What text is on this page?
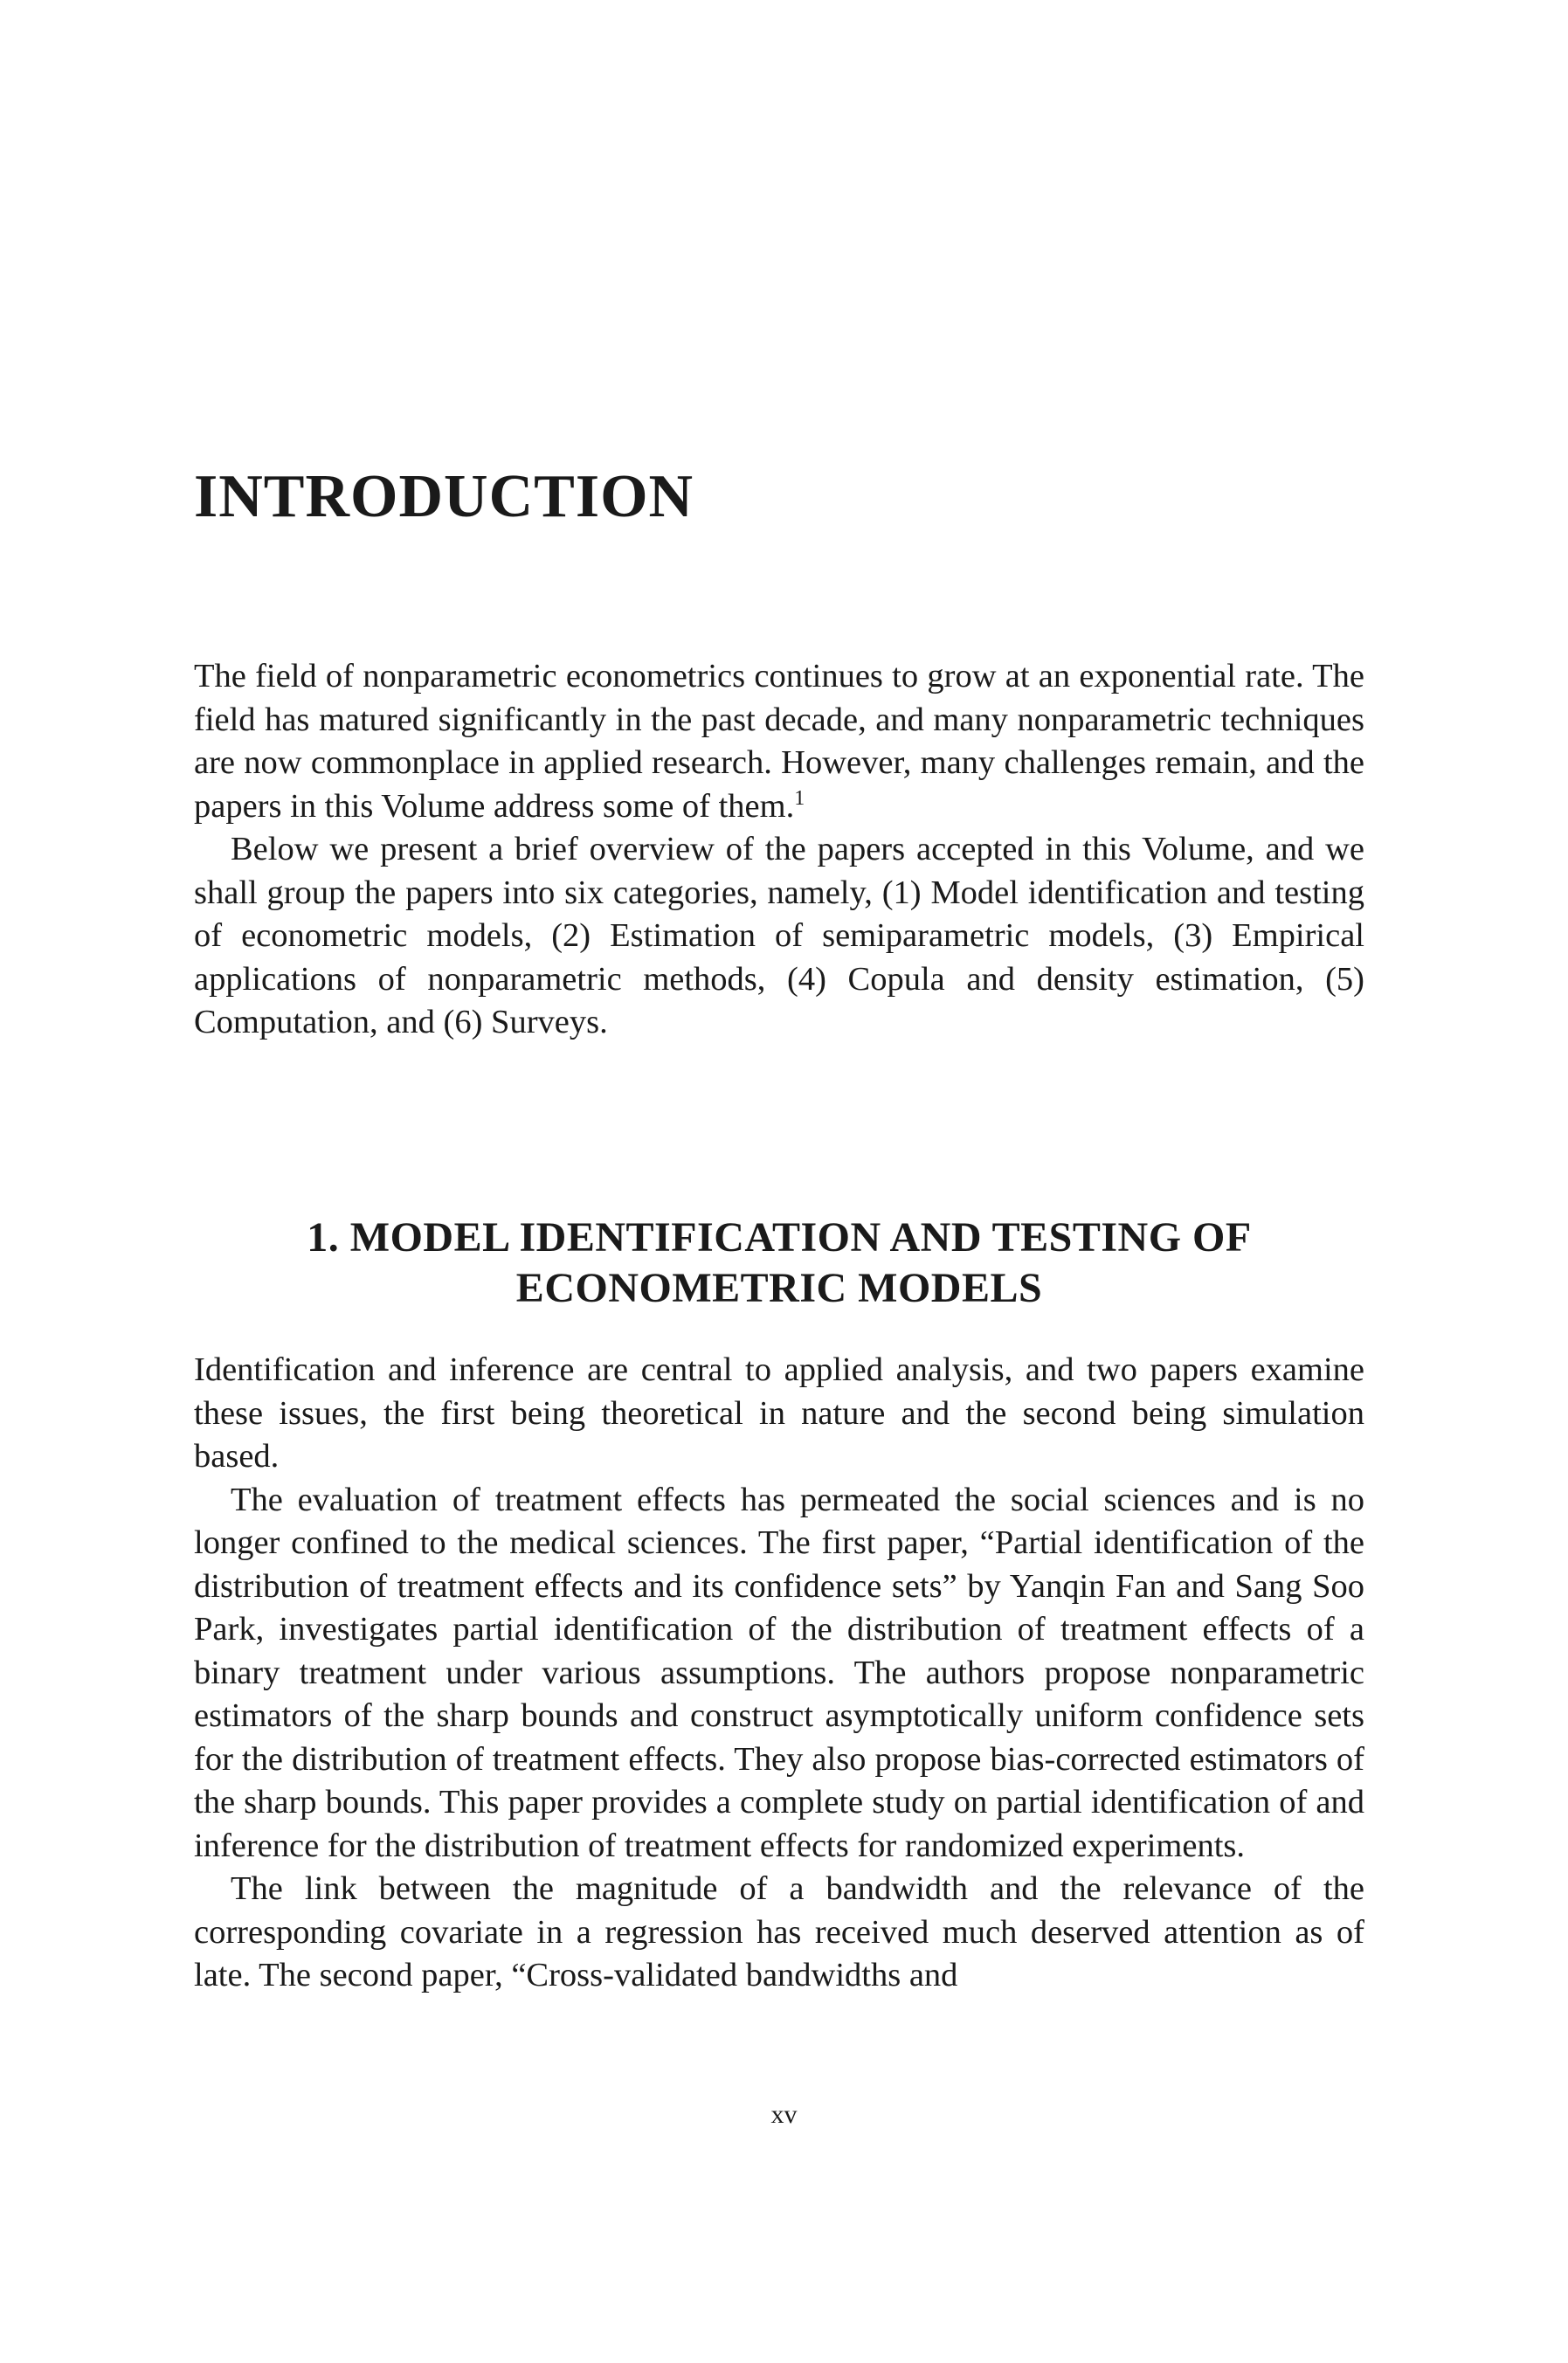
INTRODUCTION

The field of nonparametric econometrics continues to grow at an exponential rate. The field has matured significantly in the past decade, and many nonparametric techniques are now commonplace in applied research. However, many challenges remain, and the papers in this Volume address some of them.$^1$

Below we present a brief overview of the papers accepted in this Volume, and we shall group the papers into six categories, namely, (1) Model identification and testing of econometric models, (2) Estimation of semiparametric models, (3) Empirical applications of nonparametric methods, (4) Copula and density estimation, (5) Computation, and (6) Surveys.

1. MODEL IDENTIFICATION AND TESTING OF
ECONOMETRIC MODELS

Identification and inference are central to applied analysis, and two papers examine these issues, the first being theoretical in nature and the second being simulation based.

The evaluation of treatment effects has permeated the social sciences and is no longer confined to the medical sciences. The first paper, “Partial identification of the distribution of treatment effects and its confidence sets” by Yanqin Fan and Sang Soo Park, investigates partial identification of the distribution of treatment effects of a binary treatment under various assumptions. The authors propose nonparametric estimators of the sharp bounds and construct asymptotically uniform confidence sets for the distribution of treatment effects. They also propose bias-corrected estimators of the sharp bounds. This paper provides a complete study on partial identification of and inference for the distribution of treatment effects for randomized experiments.

The link between the magnitude of a bandwidth and the relevance of the corresponding covariate in a regression has received much deserved attention as of late. The second paper, “Cross-validated bandwidths and

xv
